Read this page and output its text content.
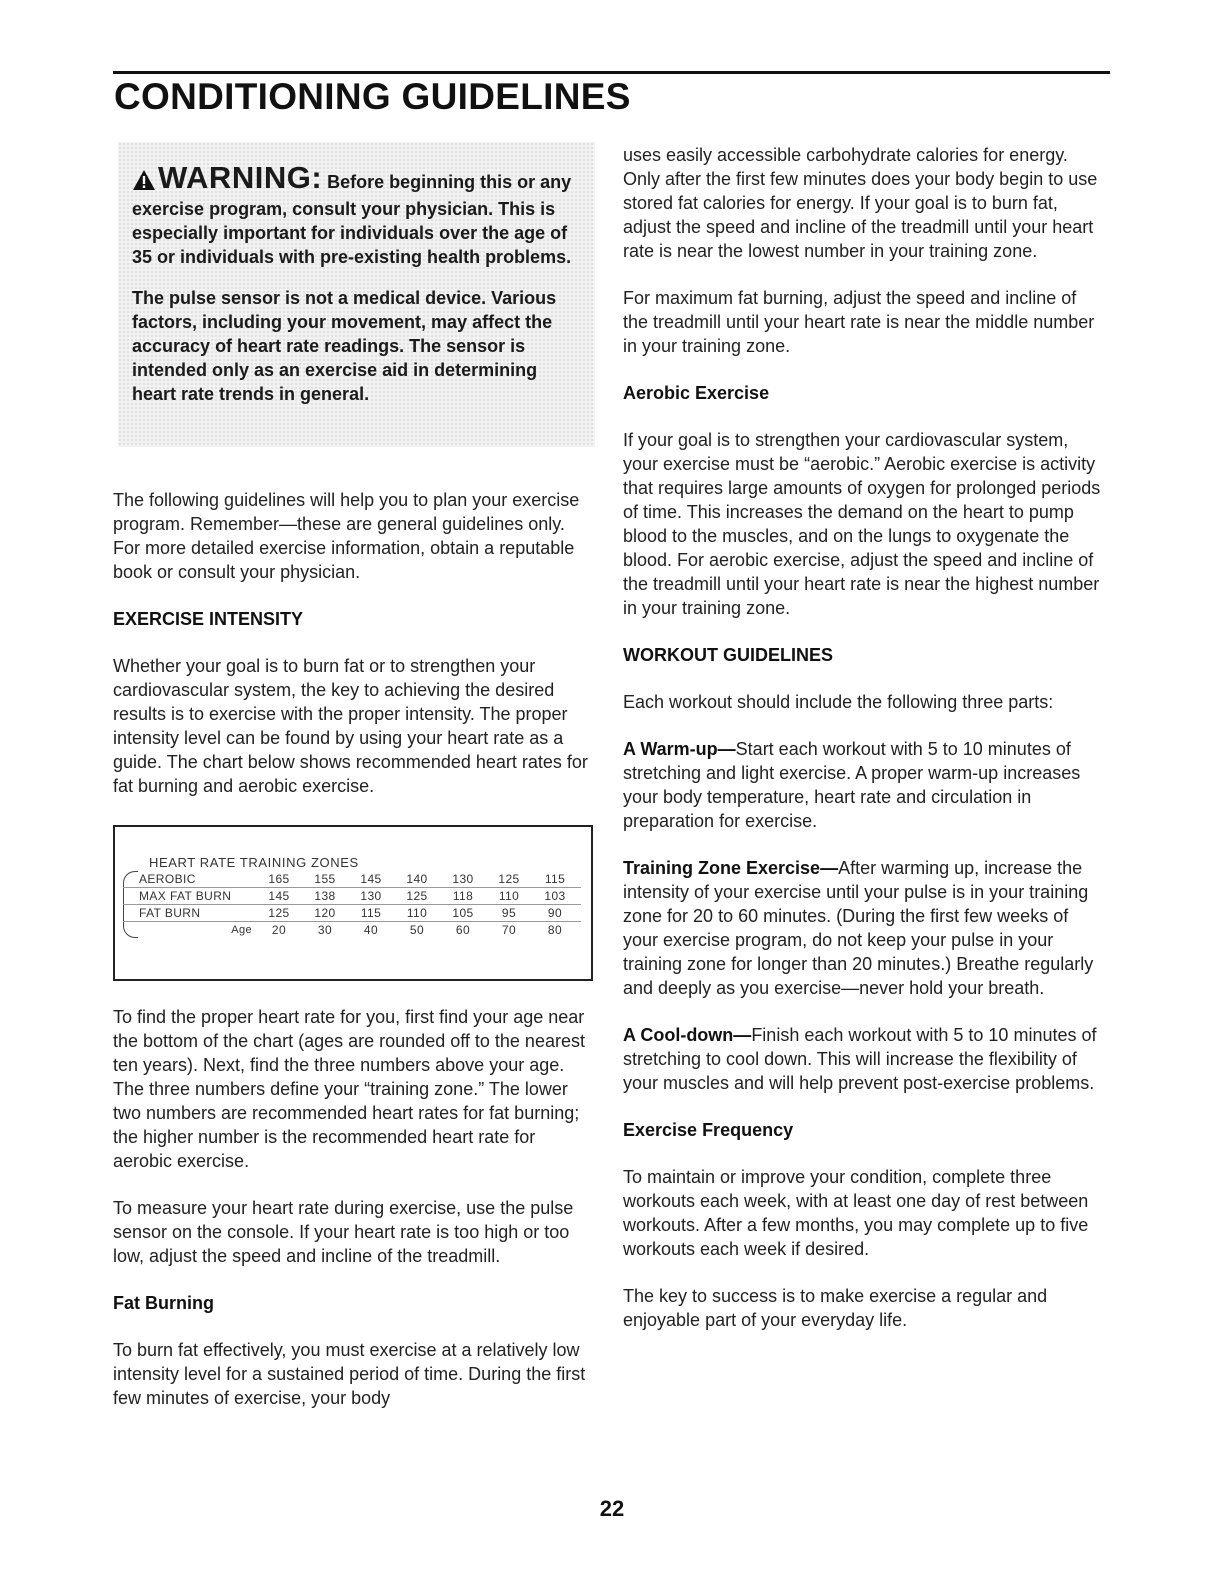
CONDITIONING GUIDELINES
WARNING: Before beginning this or any exercise program, consult your physician. This is especially important for individuals over the age of 35 or individuals with pre-existing health problems.
The pulse sensor is not a medical device. Various factors, including your movement, may affect the accuracy of heart rate readings. The sensor is intended only as an exercise aid in determining heart rate trends in general.

The following guidelines will help you to plan your exercise program. Remember—these are general guidelines only. For more detailed exercise information, obtain a reputable book or consult your physician.

EXERCISE INTENSITY

Whether your goal is to burn fat or to strengthen your cardiovascular system, the key to achieving the desired results is to exercise with the proper intensity. The proper intensity level can be found by using your heart rate as a guide. The chart below shows recommended heart rates for fat burning and aerobic exercise.

HEART RATE TRAINING ZONES
AEROBIC	165	155	145	140	130	125	115
MAX FAT BURN	145	138	130	125	118	110	103
FAT BURN	125	120	115	110	105	95	90
Age	20	30	40	50	60	70	80

To find the proper heart rate for you, first find your age near the bottom of the chart (ages are rounded off to the nearest ten years). Next, find the three numbers above your age. The three numbers define your “training zone.” The lower two numbers are recommended heart rates for fat burning; the higher number is the recommended heart rate for aerobic exercise.

To measure your heart rate during exercise, use the pulse sensor on the console. If your heart rate is too high or too low, adjust the speed and incline of the treadmill.

Fat Burning

To burn fat effectively, you must exercise at a relatively low intensity level for a sustained period of time. During the first few minutes of exercise, your body

uses easily accessible carbohydrate calories for energy. Only after the first few minutes does your body begin to use stored fat calories for energy. If your goal is to burn fat, adjust the speed and incline of the treadmill until your heart rate is near the lowest number in your training zone.

For maximum fat burning, adjust the speed and incline of the treadmill until your heart rate is near the middle number in your training zone.

Aerobic Exercise

If your goal is to strengthen your cardiovascular system, your exercise must be “aerobic.” Aerobic exercise is activity that requires large amounts of oxygen for prolonged periods of time. This increases the demand on the heart to pump blood to the muscles, and on the lungs to oxygenate the blood. For aerobic exercise, adjust the speed and incline of the treadmill until your heart rate is near the highest number in your training zone.

WORKOUT GUIDELINES

Each workout should include the following three parts:

A Warm-up—Start each workout with 5 to 10 minutes of stretching and light exercise. A proper warm-up increases your body temperature, heart rate and circulation in preparation for exercise.

Training Zone Exercise—After warming up, increase the intensity of your exercise until your pulse is in your training zone for 20 to 60 minutes. (During the first few weeks of your exercise program, do not keep your pulse in your training zone for longer than 20 minutes.) Breathe regularly and deeply as you exercise—never hold your breath.

A Cool-down—Finish each workout with 5 to 10 minutes of stretching to cool down. This will increase the flexibility of your muscles and will help prevent post-exercise problems.

Exercise Frequency

To maintain or improve your condition, complete three workouts each week, with at least one day of rest between workouts. After a few months, you may complete up to five workouts each week if desired.

The key to success is to make exercise a regular and enjoyable part of your everyday life.

22
